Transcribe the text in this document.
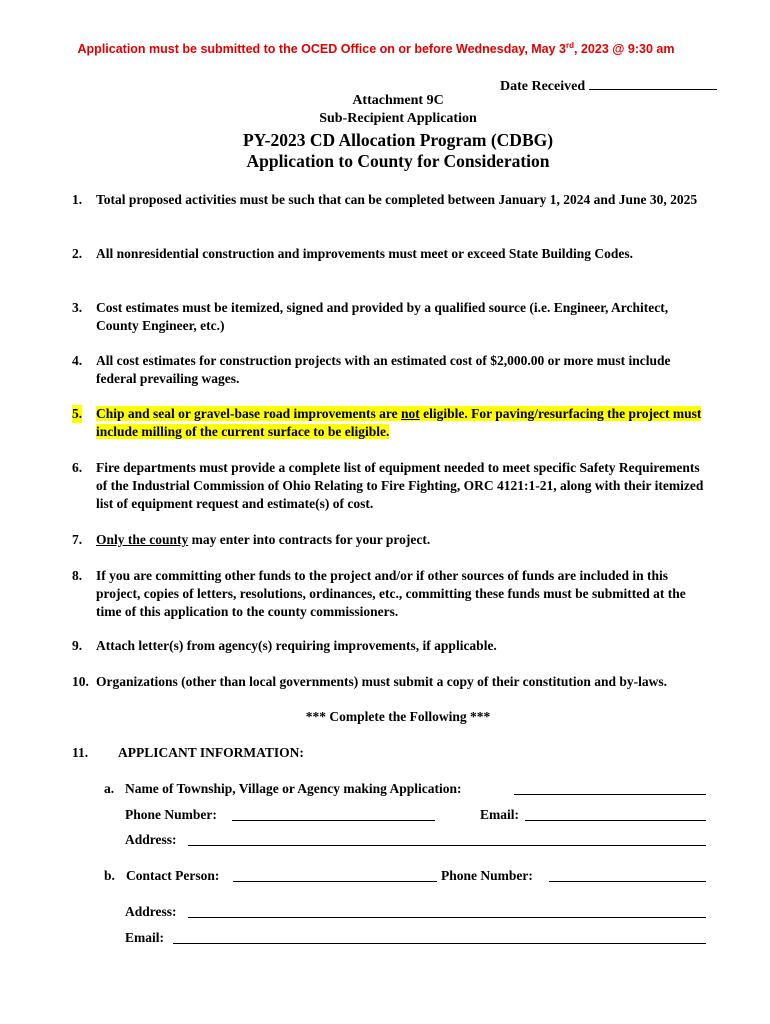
Application must be submitted to the OCED Office on or before Wednesday, May 3rd, 2023 @ 9:30 am
Date Received
Attachment 9C
Sub-Recipient Application
PY-2023 CD Allocation Program (CDBG)
Application to County for Consideration
1.	Total proposed activities must be such that can be completed between January 1, 2024 and June 30, 2025
2.	All nonresidential construction and improvements must meet or exceed State Building Codes.
3.	Cost estimates must be itemized, signed and provided by a qualified source (i.e. Engineer, Architect, County Engineer, etc.)
4.	All cost estimates for construction projects with an estimated cost of $2,000.00 or more must include federal prevailing wages.
5.	Chip and seal or gravel-base road improvements are not eligible. For paving/resurfacing the project must include milling of the current surface to be eligible.
6.	Fire departments must provide a complete list of equipment needed to meet specific Safety Requirements of the Industrial Commission of Ohio Relating to Fire Fighting, ORC 4121:1-21, along with their itemized list of equipment request and estimate(s) of cost.
7.	Only the county may enter into contracts for your project.
8.	If you are committing other funds to the project and/or if other sources of funds are included in this project, copies of letters, resolutions, ordinances, etc., committing these funds must be submitted at the time of this application to the county commissioners.
9.	Attach letter(s) from agency(s) requiring improvements, if applicable.
10. Organizations (other than local governments) must submit a copy of their constitution and by-laws.
*** Complete the Following ***
11. APPLICANT INFORMATION:
a. Name of Township, Village or Agency making Application:
Phone Number:	Email:
Address:
b. Contact Person:	Phone Number:
Address:
Email:
